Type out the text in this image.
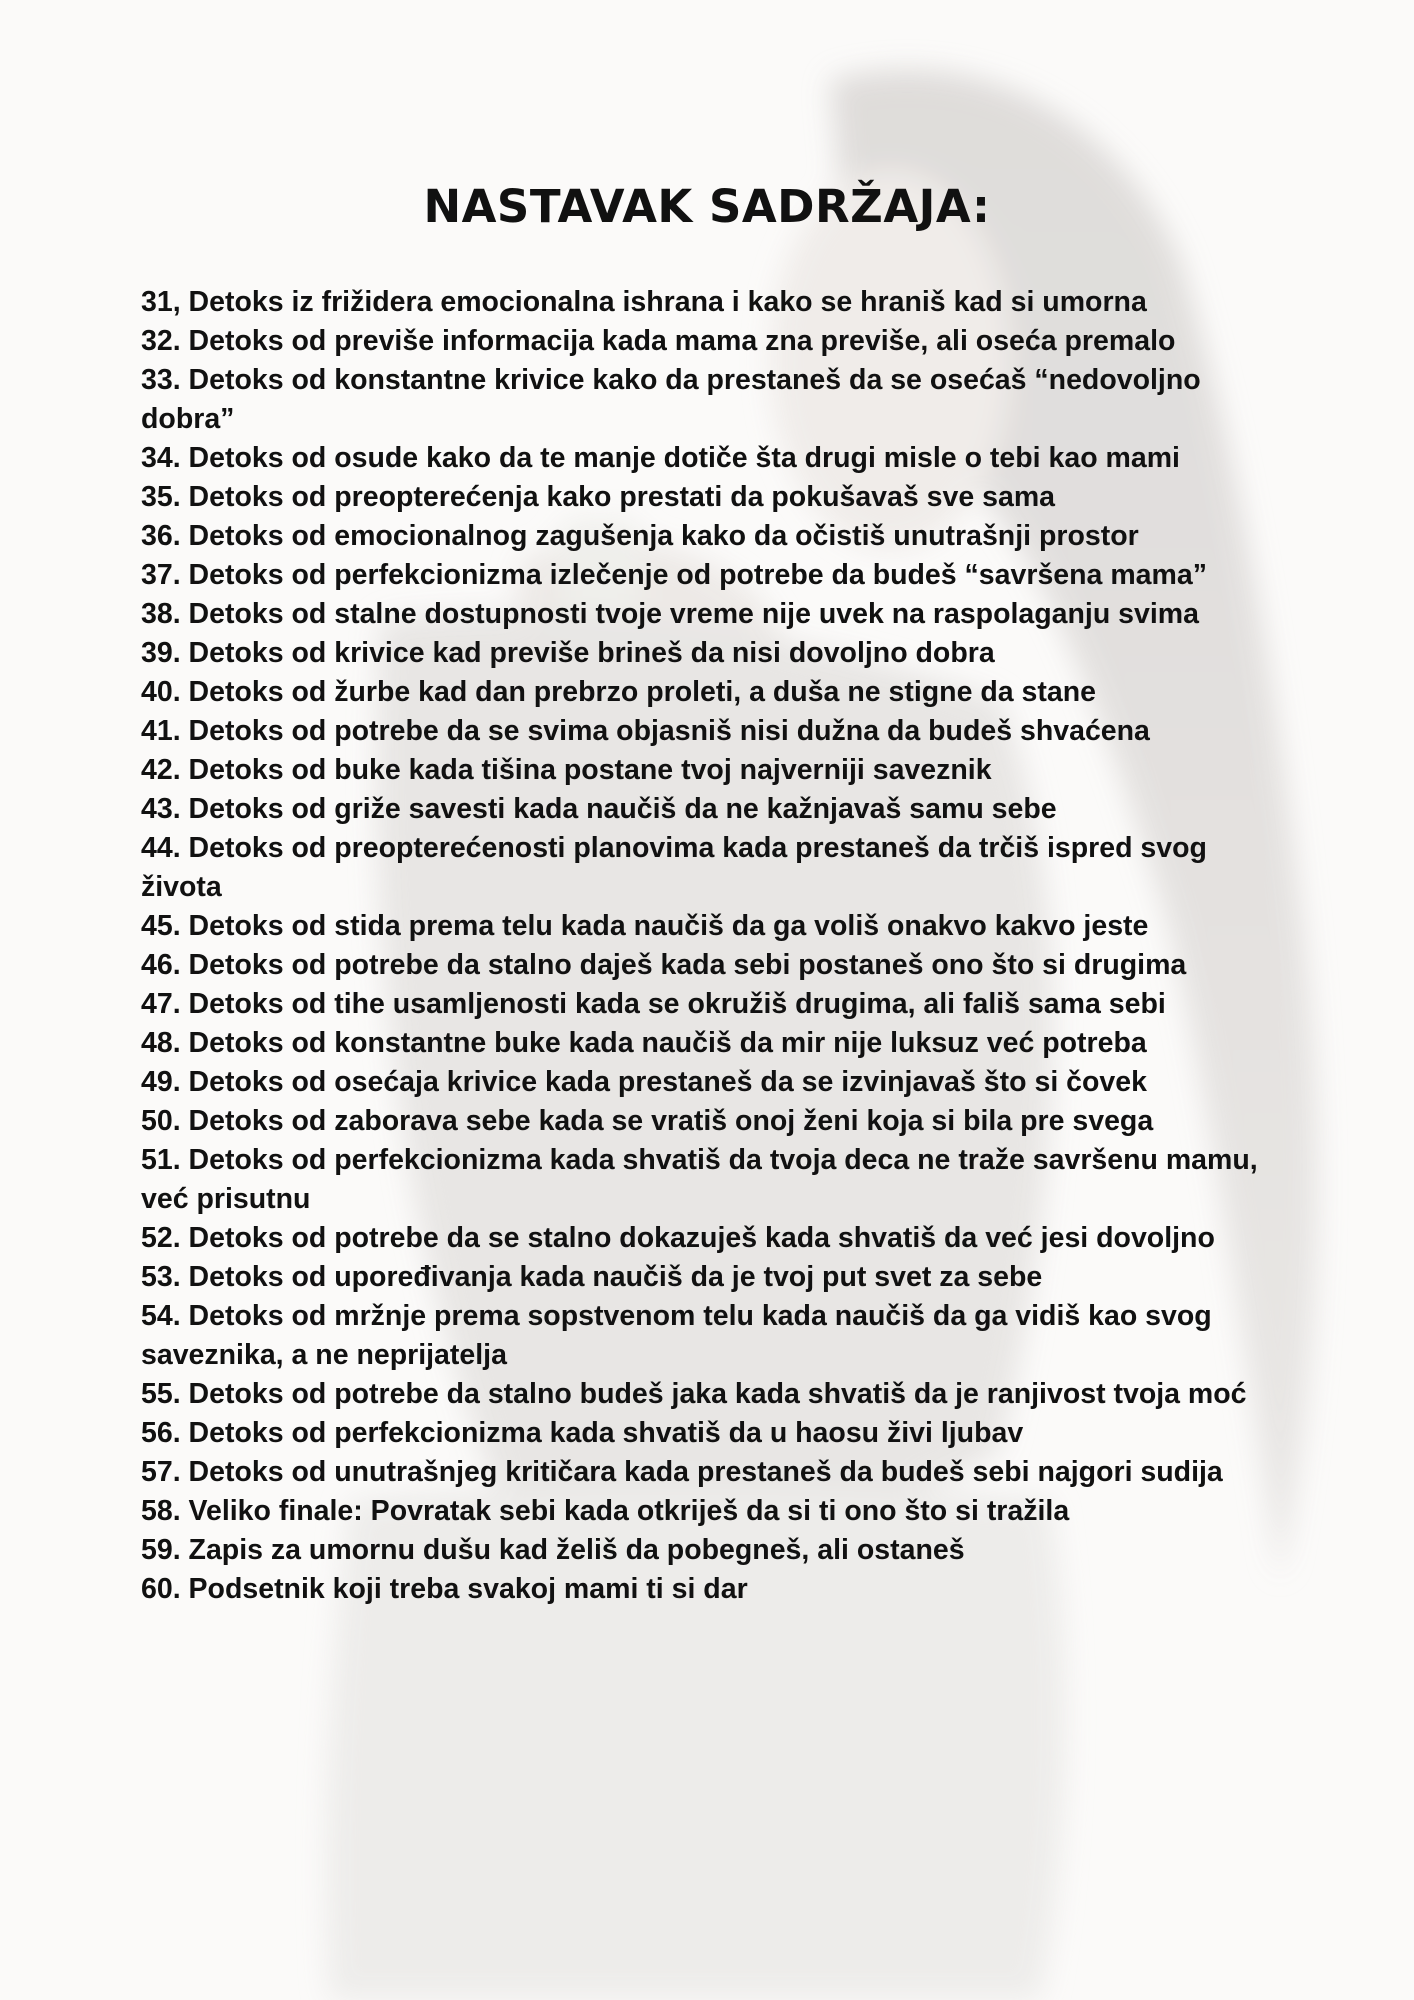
NASTAVAK SADRŽAJA:
31, Detoks iz frižidera emocionalna ishrana i kako se hraniš kad si umorna
32. Detoks od previše informacija kada mama zna previše, ali oseća premalo
33. Detoks od konstantne krivice kako da prestaneš da se osećaš “nedovoljno dobra”
34. Detoks od osude kako da te manje dotiče šta drugi misle o tebi kao mami
35. Detoks od preopterećenja kako prestati da pokušavaš sve sama
36. Detoks od emocionalnog zagušenja kako da očistiš unutrašnji prostor
37. Detoks od perfekcionizma izlečenje od potrebe da budeš “savršena mama”
38. Detoks od stalne dostupnosti tvoje vreme nije uvek na raspolaganju svima
39. Detoks od krivice kad previše brineš da nisi dovoljno dobra
40. Detoks od žurbe kad dan prebrzo proleti, a duša ne stigne da stane
41. Detoks od potrebe da se svima objasniš nisi dužna da budeš shvaćena
42. Detoks od buke kada tišina postane tvoj najverniji saveznik
43. Detoks od griže savesti kada naučiš da ne kažnjavaš samu sebe
44. Detoks od preopterećenosti planovima kada prestaneš da trčiš ispred svog života
45. Detoks od stida prema telu kada naučiš da ga voliš onakvo kakvo jeste
46. Detoks od potrebe da stalno daješ kada sebi postaneš ono što si drugima
47. Detoks od tihe usamljenosti kada se okružiš drugima, ali fališ sama sebi
48. Detoks od konstantne buke kada naučiš da mir nije luksuz već potreba
49. Detoks od osećaja krivice kada prestaneš da se izvinjavaš što si čovek
50. Detoks od zaborava sebe kada se vratiš onoj ženi koja si bila pre svega
51. Detoks od perfekcionizma kada shvatiš da tvoja deca ne traže savršenu mamu, već prisutnu
52. Detoks od potrebe da se stalno dokazuješ kada shvatiš da već jesi dovoljno
53. Detoks od upoređivanja kada naučiš da je tvoj put svet za sebe
54. Detoks od mržnje prema sopstvenom telu kada naučiš da ga vidiš kao svog saveznika, a ne neprijatelja
55. Detoks od potrebe da stalno budeš jaka kada shvatiš da je ranjivost tvoja moć
56. Detoks od perfekcionizma kada shvatiš da u haosu živi ljubav
57. Detoks od unutrašnjeg kritičara kada prestaneš da budeš sebi najgori sudija
58. Veliko finale: Povratak sebi kada otkriješ da si ti ono što si tražila
59. Zapis za umornu dušu kad želiš da pobegneš, ali ostaneš
60. Podsetnik koji treba svakoj mami ti si dar
